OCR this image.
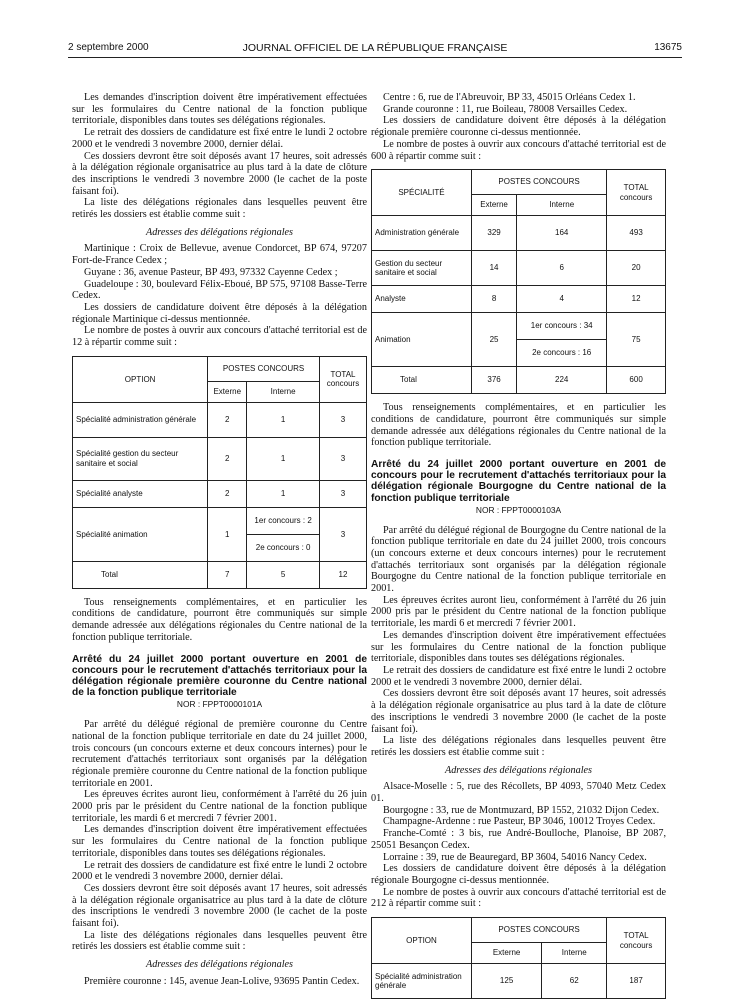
2 septembre 2000	JOURNAL OFFICIEL DE LA RÉPUBLIQUE FRANÇAISE	13675

Les demandes d'inscription doivent être impérativement effectuées sur les formulaires du Centre national de la fonction publique territoriale, disponibles dans toutes ses délégations régionales.

Le retrait des dossiers de candidature est fixé entre le lundi 2 octobre 2000 et le vendredi 3 novembre 2000, dernier délai.

Ces dossiers devront être soit déposés avant 17 heures, soit adressés à la délégation régionale organisatrice au plus tard à la date de clôture des inscriptions le vendredi 3 novembre 2000 (le cachet de la poste faisant foi).

La liste des délégations régionales dans lesquelles peuvent être retirés les dossiers est établie comme suit :

Adresses des délégations régionales

Martinique : Croix de Bellevue, avenue Condorcet, BP 674, 97207 Fort-de-France Cedex ;

Guyane : 36, avenue Pasteur, BP 493, 97332 Cayenne Cedex ;

Guadeloupe : 30, boulevard Félix-Eboué, BP 575, 97108 Basse-Terre Cedex.

Les dossiers de candidature doivent être déposés à la délégation régionale Martinique ci-dessus mentionnée.

Le nombre de postes à ouvrir aux concours d'attaché territorial est de 12 à répartir comme suit :

OPTION	POSTES CONCOURS		TOTAL concours
	Externe	Interne	
Spécialité administration générale	2	1	3
Spécialité gestion du secteur sanitaire et social	2	1	3
Spécialité analyste	2	1	3
Spécialité animation	1	1er concours : 2	3
		2e concours : 0	
Total	7	5	12

Tous renseignements complémentaires, et en particulier les conditions de candidature, pourront être communiqués sur simple demande adressée aux délégations régionales du Centre national de la fonction publique territoriale.

Arrêté du 24 juillet 2000 portant ouverture en 2001 de concours pour le recrutement d'attachés territoriaux pour la délégation régionale première couronne du Centre national de la fonction publique territoriale
NOR : FPPT0000101A

Par arrêté du délégué régional de première couronne du Centre national de la fonction publique territoriale en date du 24 juillet 2000, trois concours (un concours externe et deux concours internes) pour le recrutement d'attachés territoriaux sont organisés par la délégation régionale première couronne du Centre national de la fonction publique territoriale en 2001.

Les épreuves écrites auront lieu, conformément à l'arrêté du 26 juin 2000 pris par le président du Centre national de la fonction publique territoriale, les mardi 6 et mercredi 7 février 2001.

Les demandes d'inscription doivent être impérativement effectuées sur les formulaires du Centre national de la fonction publique territoriale, disponibles dans toutes ses délégations régionales.

Le retrait des dossiers de candidature est fixé entre le lundi 2 octobre 2000 et le vendredi 3 novembre 2000, dernier délai.

Ces dossiers devront être soit déposés avant 17 heures, soit adressés à la délégation régionale organisatrice au plus tard à la date de clôture des inscriptions le vendredi 3 novembre 2000 (le cachet de la poste faisant foi).

La liste des délégations régionales dans lesquelles peuvent être retirés les dossiers est établie comme suit :

Adresses des délégations régionales

Première couronne : 145, avenue Jean-Lolive, 93695 Pantin Cedex.

Centre : 6, rue de l'Abreuvoir, BP 33, 45015 Orléans Cedex 1.

Grande couronne : 11, rue Boileau, 78008 Versailles Cedex.

Les dossiers de candidature doivent être déposés à la délégation régionale première couronne ci-dessus mentionnée.

Le nombre de postes à ouvrir aux concours d'attaché territorial est de 600 à répartir comme suit :

SPÉCIALITÉ	POSTES CONCOURS		TOTAL concours
	Externe	Interne	
Administration générale	329	164	493
Gestion du secteur sanitaire et social	14	6	20
Analyste	8	4	12
Animation	25	1er concours : 34	75
		2e concours : 16	
Total	376	224	600

Tous renseignements complémentaires, et en particulier les conditions de candidature, pourront être communiqués sur simple demande adressée aux délégations régionales du Centre national de la fonction publique territoriale.

Arrêté du 24 juillet 2000 portant ouverture en 2001 de concours pour le recrutement d'attachés territoriaux pour la délégation régionale Bourgogne du Centre national de la fonction publique territoriale
NOR : FPPT0000103A

Par arrêté du délégué régional de Bourgogne du Centre national de la fonction publique territoriale en date du 24 juillet 2000, trois concours (un concours externe et deux concours internes) pour le recrutement d'attachés territoriaux sont organisés par la délégation régionale Bourgogne du Centre national de la fonction publique territoriale en 2001.

Les épreuves écrites auront lieu, conformément à l'arrêté du 26 juin 2000 pris par le président du Centre national de la fonction publique territoriale, les mardi 6 et mercredi 7 février 2001.

Les demandes d'inscription doivent être impérativement effectuées sur les formulaires du Centre national de la fonction publique territoriale, disponibles dans toutes ses délégations régionales.

Le retrait des dossiers de candidature est fixé entre le lundi 2 octobre 2000 et le vendredi 3 novembre 2000, dernier délai.

Ces dossiers devront être soit déposés avant 17 heures, soit adressés à la délégation régionale organisatrice au plus tard à la date de clôture des inscriptions le vendredi 3 novembre 2000 (le cachet de la poste faisant foi).

La liste des délégations régionales dans lesquelles peuvent être retirés les dossiers est établie comme suit :

Adresses des délégations régionales

Alsace-Moselle : 5, rue des Récollets, BP 4093, 57040 Metz Cedex 01.

Bourgogne : 33, rue de Montmuzard, BP 1552, 21032 Dijon Cedex.

Champagne-Ardenne : rue Pasteur, BP 3046, 10012 Troyes Cedex.

Franche-Comté : 3 bis, rue André-Boulloche, Planoise, BP 2087, 25051 Besançon Cedex.

Lorraine : 39, rue de Beauregard, BP 3604, 54016 Nancy Cedex.

Les dossiers de candidature doivent être déposés à la délégation régionale Bourgogne ci-dessus mentionnée.

Le nombre de postes à ouvrir aux concours d'attaché territorial est de 212 à répartir comme suit :

OPTION	POSTES CONCOURS		TOTAL concours
	Externe	Interne	
Spécialité administration générale	125	62	187
